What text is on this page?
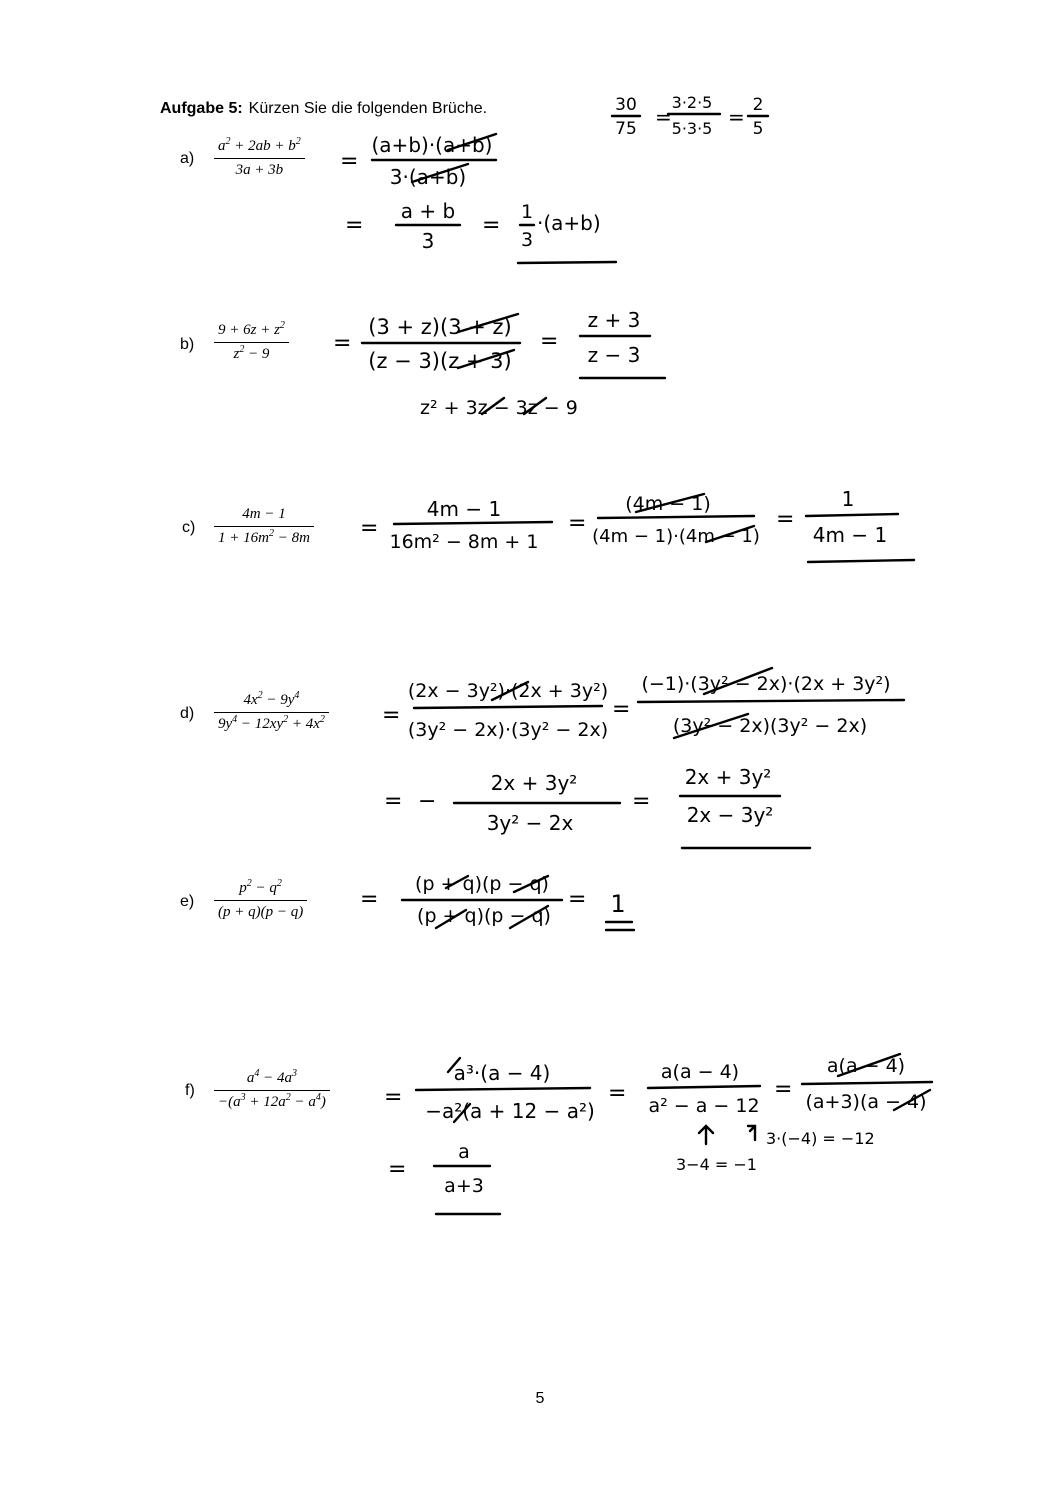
Aufgabe 5: Kürzen Sie die folgenden Brüche.
a)
b)
c)
d)
e)
f)
$a^2 + 2ab + b^2$
3a + 3b
$9 + 6z + z^2$
$z^2 - 9$
4m − 1
$1 + 16m^2 - 8m$
$4x^2 - 9y^4$
$9y^4 - 12xy^2 + 4x^2$
$p^2 - q^2$
(p + q)(p − q)
$a^4 - 4a^3$
$-(a^3 + 12a^2 - a^4)$
30
75 =
3·2·5
5·3·5 = 2
5
=
(a+b)·(a+b)
3·(a+b)
=
a + b
3
=
1
3
·(a+b)
=
(3 + z)(3 + z)
(z − 3)(z + 3)
=
z + 3
z − 3
z² + 3z − 3z − 9
=
4m − 1
16m² − 8m + 1
=
(4m − 1)
(4m − 1)·(4m − 1)
=
1
4m − 1
=
(2x − 3y²)·(2x + 3y²)
(3y² − 2x)·(3y² − 2x)
=
(−1)·(3y² − 2x)·(2x + 3y²)
(3y² − 2x)(3y² − 2x)
= −
2x + 3y²
3y² − 2x
=
2x + 3y²
2x − 3y²
=
(p + q)(p − q)
(p + q)(p − q)
= 1
=
a³·(a − 4)
−a²(a + 12 − a²)
=
a(a − 4)
a² − a − 12
=
a(a − 4)
(a+3)(a − 4)
3·(−4) = −12
3−4 = −1
=
a
a+3
5
